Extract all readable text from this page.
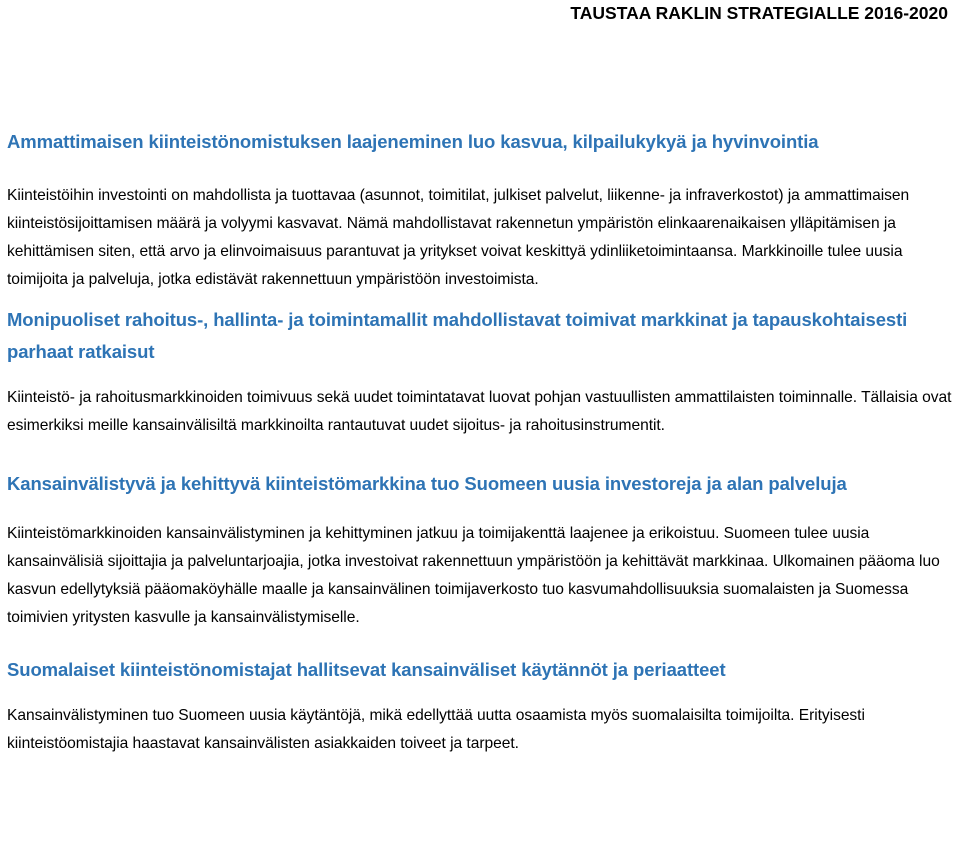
TAUSTAA RAKLIN STRATEGIALLE 2016-2020
Ammattimaisen kiinteistönomistuksen laajeneminen luo kasvua, kilpailukykyä ja hyvinvointia

Kiinteistöihin investointi on mahdollista ja tuottavaa (asunnot, toimitilat, julkiset palvelut, liikenne- ja infraverkostot) ja ammattimaisen kiinteistösijoittamisen määrä ja volyymi kasvavat. Nämä mahdollistavat rakennetun ympäristön elinkaarenaikaisen ylläpitämisen ja kehittämisen siten, että arvo ja elinvoimaisuus parantuvat ja yritykset voivat keskittyä ydinliiketoimintaansa. Markkinoille tulee uusia toimijoita ja palveluja, jotka edistävät rakennettuun ympäristöön investoimista.

Monipuoliset rahoitus-, hallinta- ja toimintamallit mahdollistavat toimivat markkinat ja tapauskohtaisesti parhaat ratkaisut

Kiinteistö- ja rahoitusmarkkinoiden toimivuus sekä uudet toimintatavat luovat pohjan vastuullisten ammattilaisten toiminnalle. Tällaisia ovat esimerkiksi meille kansainvälisiltä markkinoilta rantautuvat uudet sijoitus- ja rahoitusinstrumentit.

Kansainvälistyvä ja kehittyvä kiinteistömarkkina tuo Suomeen uusia investoreja ja alan palveluja

Kiinteistömarkkinoiden kansainvälistyminen ja kehittyminen jatkuu ja toimijakenttä laajenee ja erikoistuu. Suomeen tulee uusia kansainvälisiä sijoittajia ja palveluntarjoajia, jotka investoivat rakennettuun ympäristöön ja kehittävät markkinaa. Ulkomainen pääoma luo kasvun edellytyksiä pääomaköyhälle maalle ja kansainvälinen toimijaverkosto tuo kasvumahdollisuuksia suomalaisten ja Suomessa toimivien yritysten kasvulle ja kansainvälistymiselle.

Suomalaiset kiinteistönomistajat hallitsevat kansainväliset käytännöt ja periaatteet

Kansainvälistyminen tuo Suomeen uusia käytäntöjä, mikä edellyttää uutta osaamista myös suomalaisilta toimijoilta. Erityisesti kiinteistöomistajia haastavat kansainvälisten asiakkaiden toiveet ja tarpeet.
